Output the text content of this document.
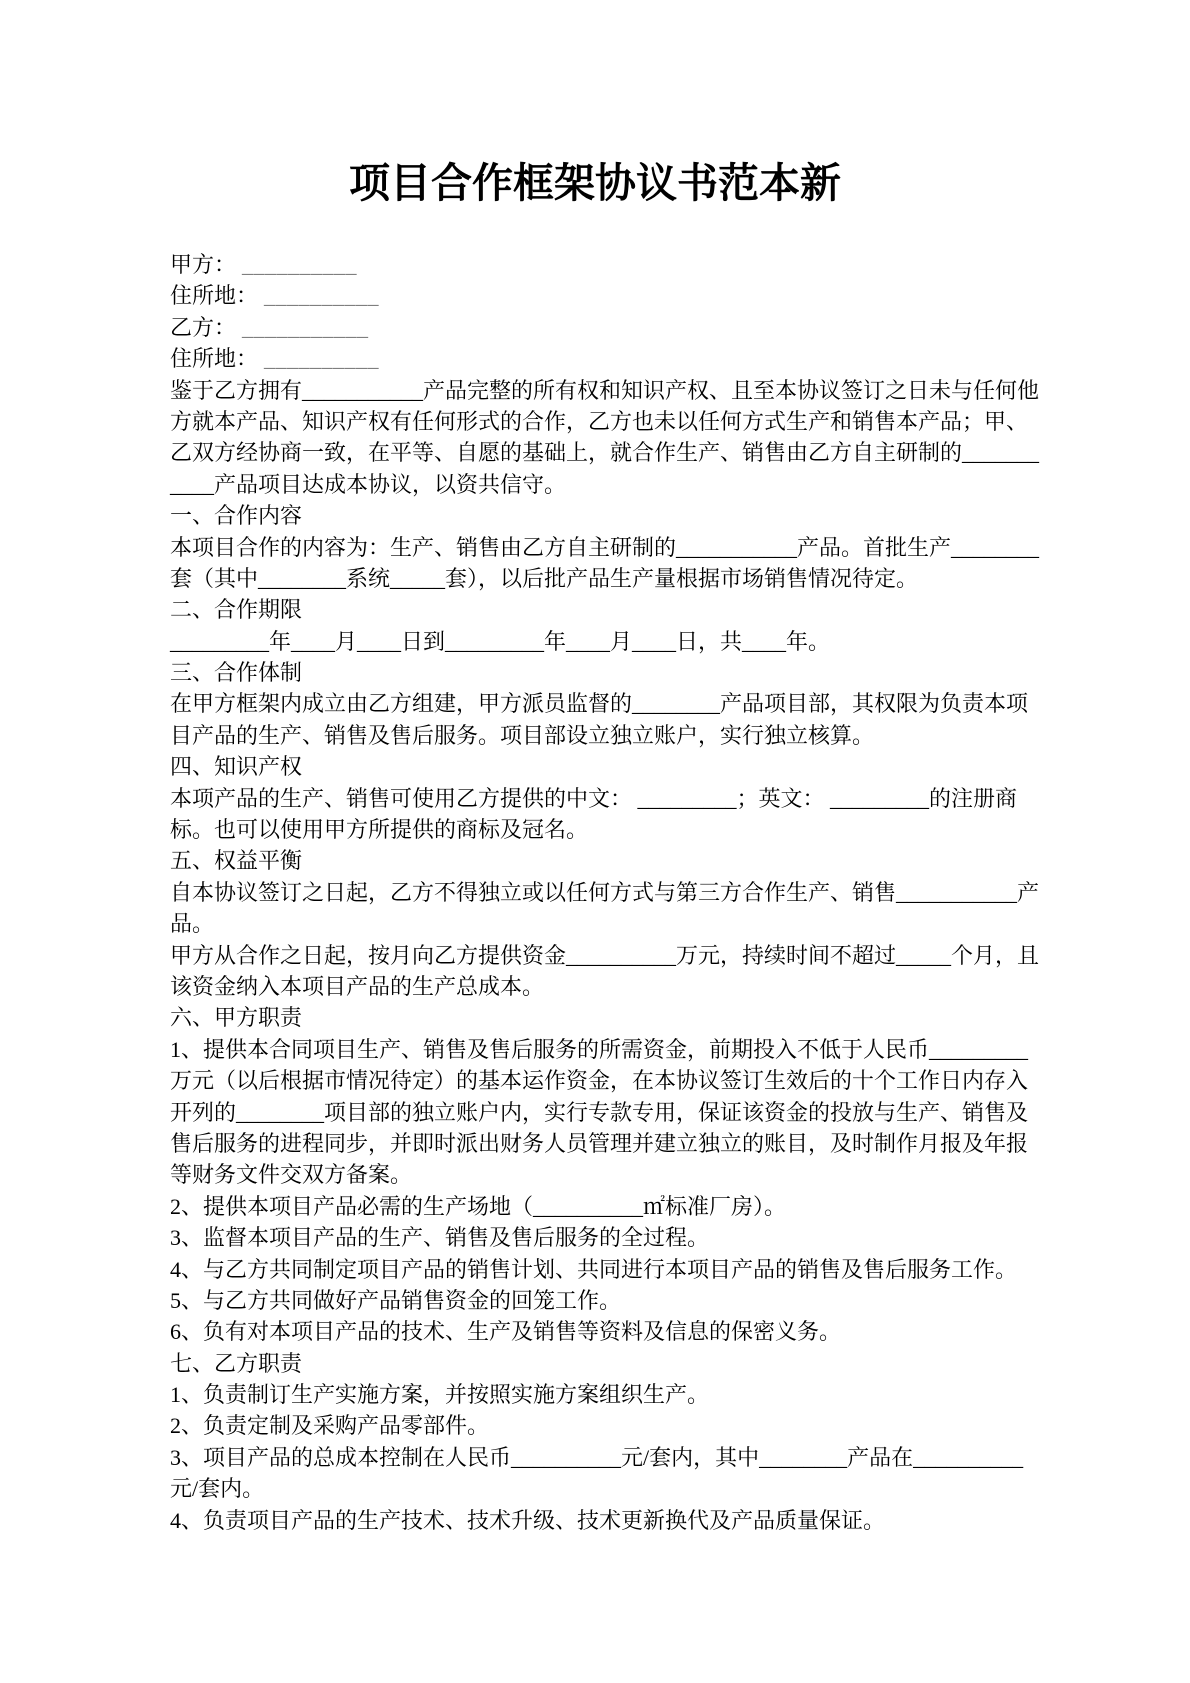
项目合作框架协议书范本新
甲方： __________
住所地： __________
乙方： ___________
住所地： __________
鉴于乙方拥有___________产品完整的所有权和知识产权、且至本协议签订之日未与任何他
方就本产品、知识产权有任何形式的合作，乙方也未以任何方式生产和销售本产品；甲、
乙双方经协商一致，在平等、自愿的基础上，就合作生产、销售由乙方自主研制的_______
____产品项目达成本协议，以资共信守。
一、合作内容
本项目合作的内容为：生产、销售由乙方自主研制的___________产品。首批生产________
套（其中________系统_____套），以后批产品生产量根据市场销售情况待定。
二、合作期限
_________年____月____日到_________年____月____日，共____年。
三、合作体制
在甲方框架内成立由乙方组建，甲方派员监督的________产品项目部，其权限为负责本项
目产品的生产、销售及售后服务。项目部设立独立账户，实行独立核算。
四、知识产权
本项产品的生产、销售可使用乙方提供的中文： _________；英文： _________的注册商
标。也可以使用甲方所提供的商标及冠名。
五、权益平衡
自本协议签订之日起，乙方不得独立或以任何方式与第三方合作生产、销售___________产
品。
甲方从合作之日起，按月向乙方提供资金__________万元，持续时间不超过_____个月，且
该资金纳入本项目产品的生产总成本。
六、甲方职责
1、提供本合同项目生产、销售及售后服务的所需资金，前期投入不低于人民币_________
万元（以后根据市情况待定）的基本运作资金，在本协议签订生效后的十个工作日内存入
开列的________项目部的独立账户内，实行专款专用，保证该资金的投放与生产、销售及
售后服务的进程同步，并即时派出财务人员管理并建立独立的账目，及时制作月报及年报
等财务文件交双方备案。
2、提供本项目产品必需的生产场地（__________㎡标准厂房）。
3、监督本项目产品的生产、销售及售后服务的全过程。
4、与乙方共同制定项目产品的销售计划、共同进行本项目产品的销售及售后服务工作。
5、与乙方共同做好产品销售资金的回笼工作。
6、负有对本项目产品的技术、生产及销售等资料及信息的保密义务。
七、乙方职责
1、负责制订生产实施方案，并按照实施方案组织生产。
2、负责定制及采购产品零部件。
3、项目产品的总成本控制在人民币__________元/套内，其中________产品在__________
元/套内。
4、负责项目产品的生产技术、技术升级、技术更新换代及产品质量保证。
